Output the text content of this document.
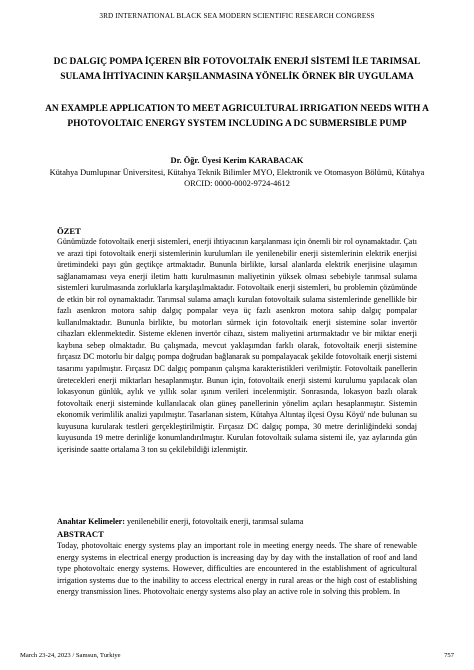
3RD INTERNATIONAL BLACK SEA MODERN SCIENTIFIC RESEARCH CONGRESS
DC DALGIÇ POMPA İÇEREN BİR FOTOVOLTAİK ENERJİ SİSTEMİ İLE TARIMSAL SULAMA İHTİYACININ KARŞILANMASINA YÖNELİK ÖRNEK BİR UYGULAMA
AN EXAMPLE APPLICATION TO MEET AGRICULTURAL IRRIGATION NEEDS WITH A PHOTOVOLTAIC ENERGY SYSTEM INCLUDING A DC SUBMERSIBLE PUMP
Dr. Öğr. Üyesi Kerim KARABACAK
Kütahya Dumlupınar Üniversitesi, Kütahya Teknik Bilimler MYO, Elektronik ve Otomasyon Bölümü, Kütahya
ORCID: 0000-0002-9724-4612
ÖZET
Günümüzde fotovoltaik enerji sistemleri, enerji ihtiyacının karşılanması için önemli bir rol oynamaktadır. Çatı ve arazi tipi fotovoltaik enerji sistemlerinin kurulumları ile yenilenebilir enerji sistemlerinin elektrik enerjisi üretimindeki payı gün geçtikçe artmaktadır. Bununla birlikte, kırsal alanlarda elektrik enerjisine ulaşımın sağlanamaması veya enerji iletim hattı kurulmasının maliyetinin yüksek olması sebebiyle tarımsal sulama sistemleri kurulmasında zorluklarla karşılaşılmaktadır. Fotovoltaik enerji sistemleri, bu problemin çözümünde de etkin bir rol oynamaktadır. Tarımsal sulama amaçlı kurulan fotovoltaik sulama sistemlerinde genellikle bir fazlı asenkron motora sahip dalgıç pompalar veya üç fazlı asenkron motora sahip dalgıç pompalar kullanılmaktadır. Bununla birlikte, bu motorları sürmek için fotovoltaik enerji sistemine solar invertör cihazları eklenmektedir. Sisteme eklenen invertör cihazı, sistem maliyetini artırmaktadır ve bir miktar enerji kaybına sebep olmaktadır. Bu çalışmada, mevcut yaklaşımdan farklı olarak, fotovoltaik enerji sistemine fırçasız DC motorlu bir dalgıç pompa doğrudan bağlanarak su pompalayacak şekilde fotovoltaik enerji sistemi tasarımı yapılmıştır. Fırçasız DC dalgıç pompanın çalışma karakteristikleri verilmiştir. Fotovoltaik panellerin üretecekleri enerji miktarları hesaplanmıştır. Bunun için, fotovoltaik enerji sistemi kurulumu yapılacak olan lokasyonun günlük, aylık ve yıllık solar ışınım verileri incelenmiştir. Sonrasında, lokasyon bazlı olarak fotovoltaik enerji sisteminde kullanılacak olan güneş panellerinin yönelim açıları hesaplanmıştır. Sistemin ekonomik verimlilik analizi yapılmıştır. Tasarlanan sistem, Kütahya Altıntaş ilçesi Oysu Köyü' nde bulunan su kuyusuna kurularak testleri gerçekleştirilmiştir. Fırçasız DC dalgıç pompa, 30 metre derinliğindeki sondaj kuyusunda 19 metre derinliğe konumlandırılmıştır. Kurulan fotovoltaik sulama sistemi ile, yaz aylarında gün içerisinde saatte ortalama 3 ton su çekilebildiği izlenmiştir.
Anahtar Kelimeler: yenilenebilir enerji, fotovoltaik enerji, tarımsal sulama
ABSTRACT
Today, photovoltaic energy systems play an important role in meeting energy needs. The share of renewable energy systems in electrical energy production is increasing day by day with the installation of roof and land type photovoltaic energy systems. However, difficulties are encountered in the establishment of agricultural irrigation systems due to the inability to access electrical energy in rural areas or the high cost of establishing energy transmission lines. Photovoltaic energy systems also play an active role in solving this problem. In
March 23-24, 2023 / Samsun, Turkiye	757
